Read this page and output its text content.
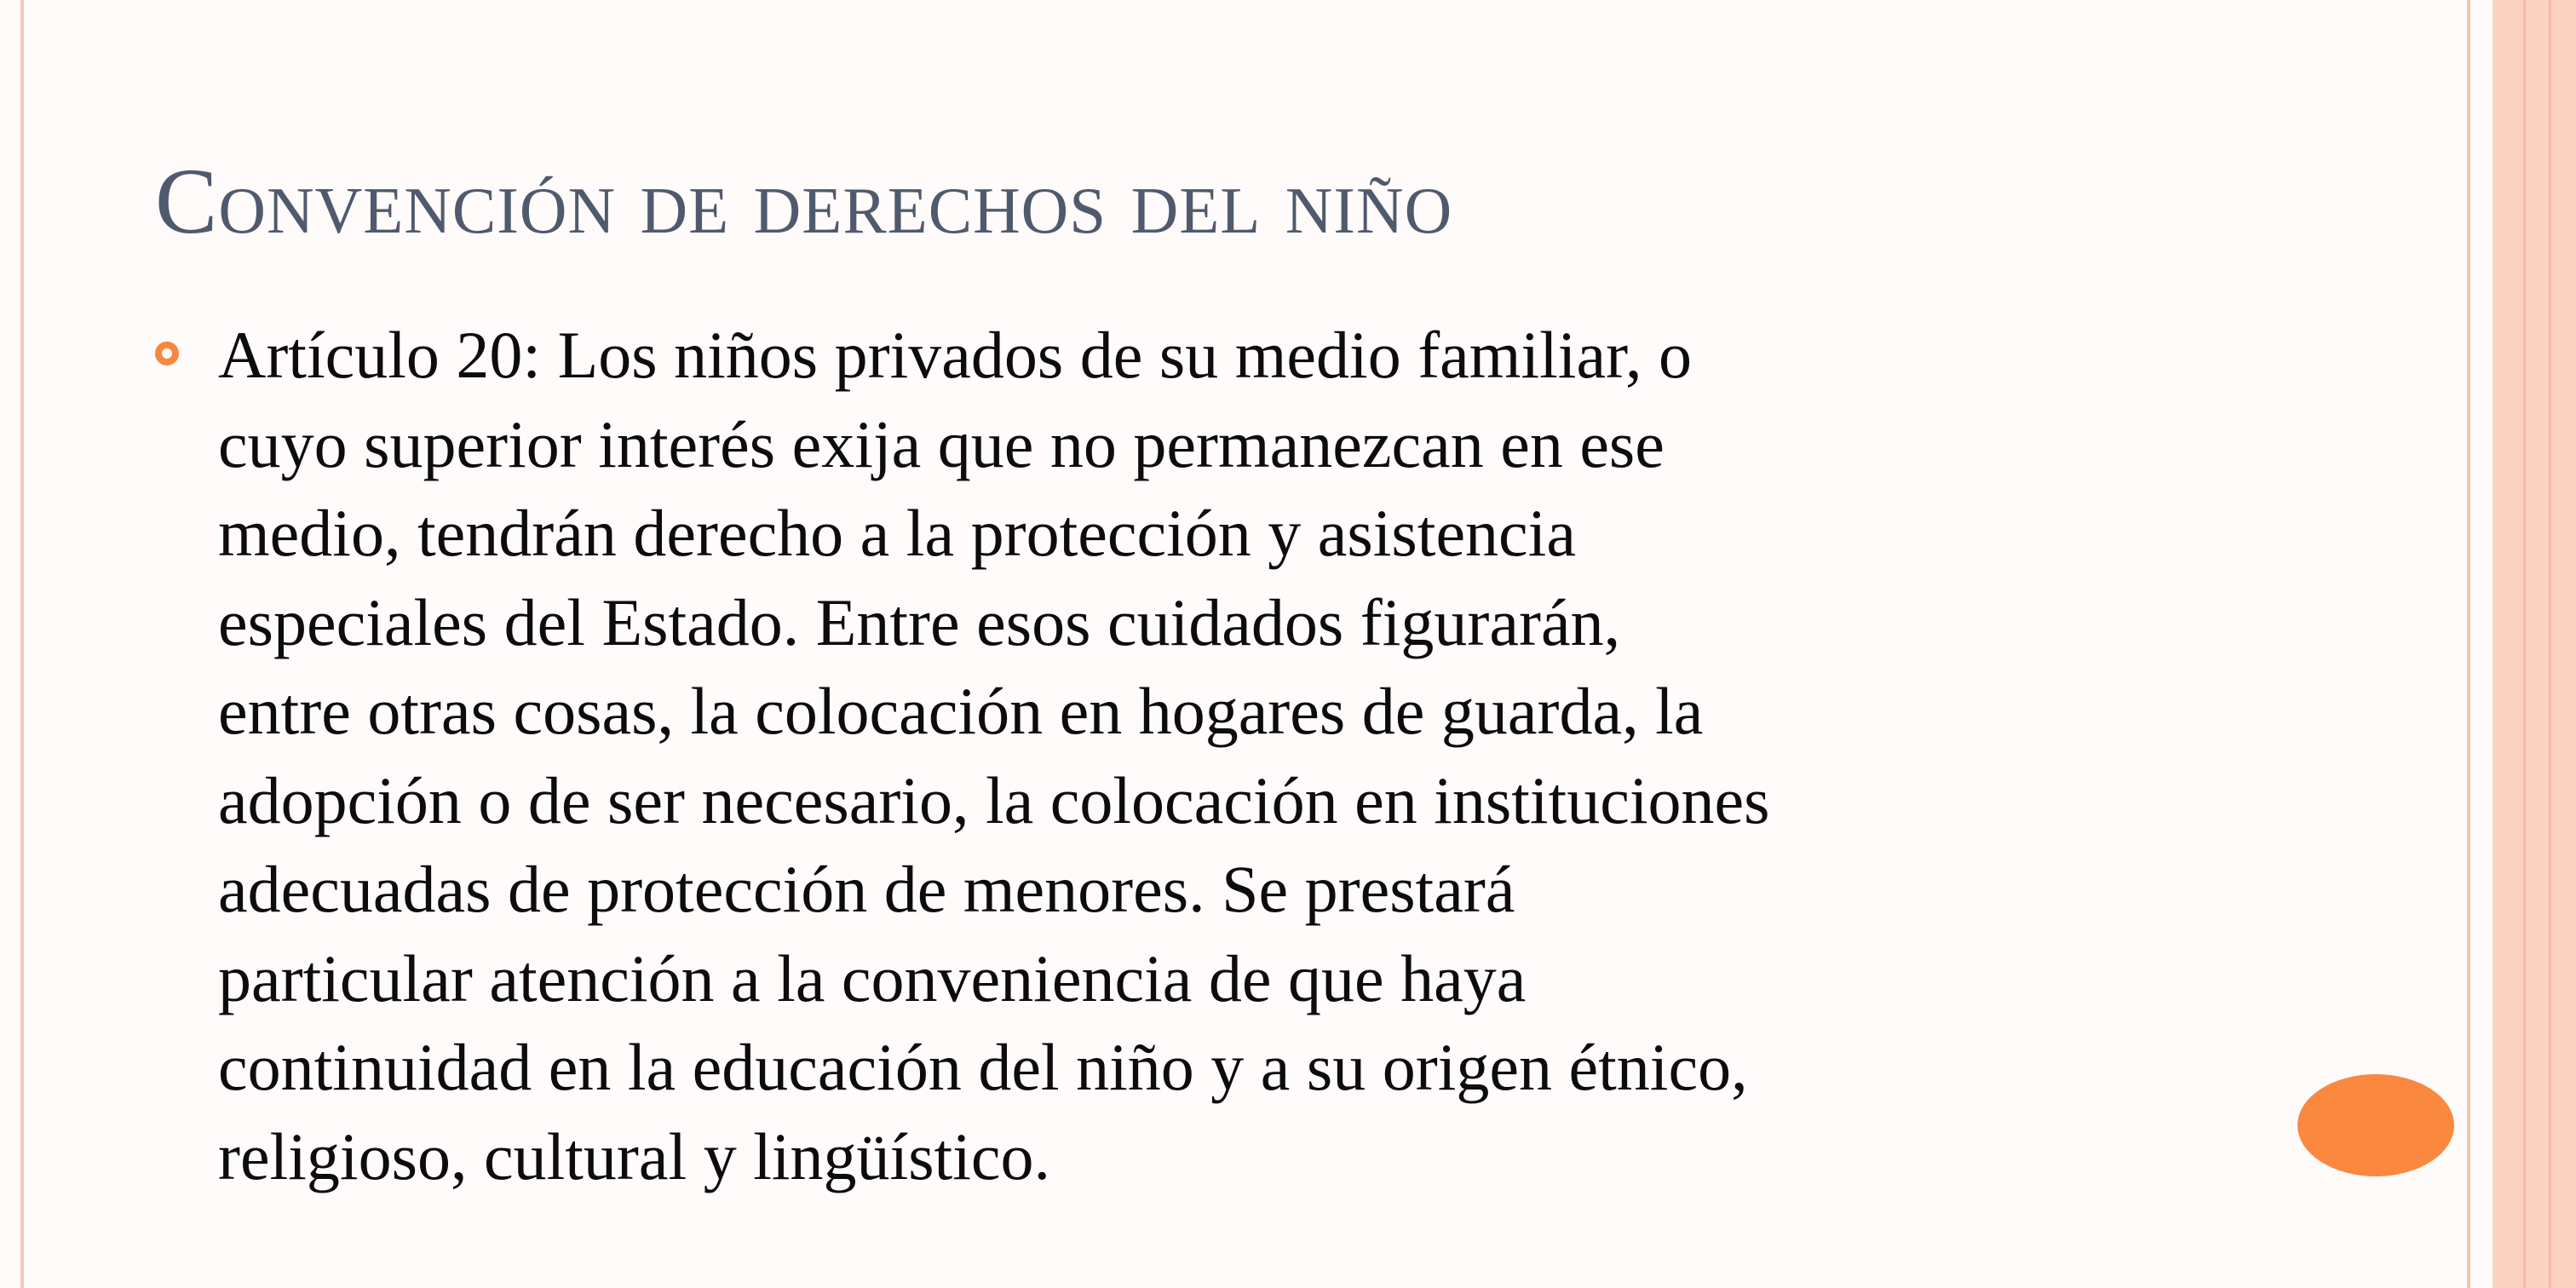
Convención de derechos del niño
Artículo 20: Los niños privados de su medio familiar, o
cuyo superior interés exija que no permanezcan en ese
medio, tendrán derecho a la protección y asistencia
especiales del Estado. Entre esos cuidados figurarán,
entre otras cosas, la colocación en hogares de guarda, la
adopción o de ser necesario, la colocación en instituciones
adecuadas de protección de menores. Se prestará
particular atención a la conveniencia de que haya
continuidad en la educación del niño y a su origen étnico,
religioso, cultural y lingüístico.
